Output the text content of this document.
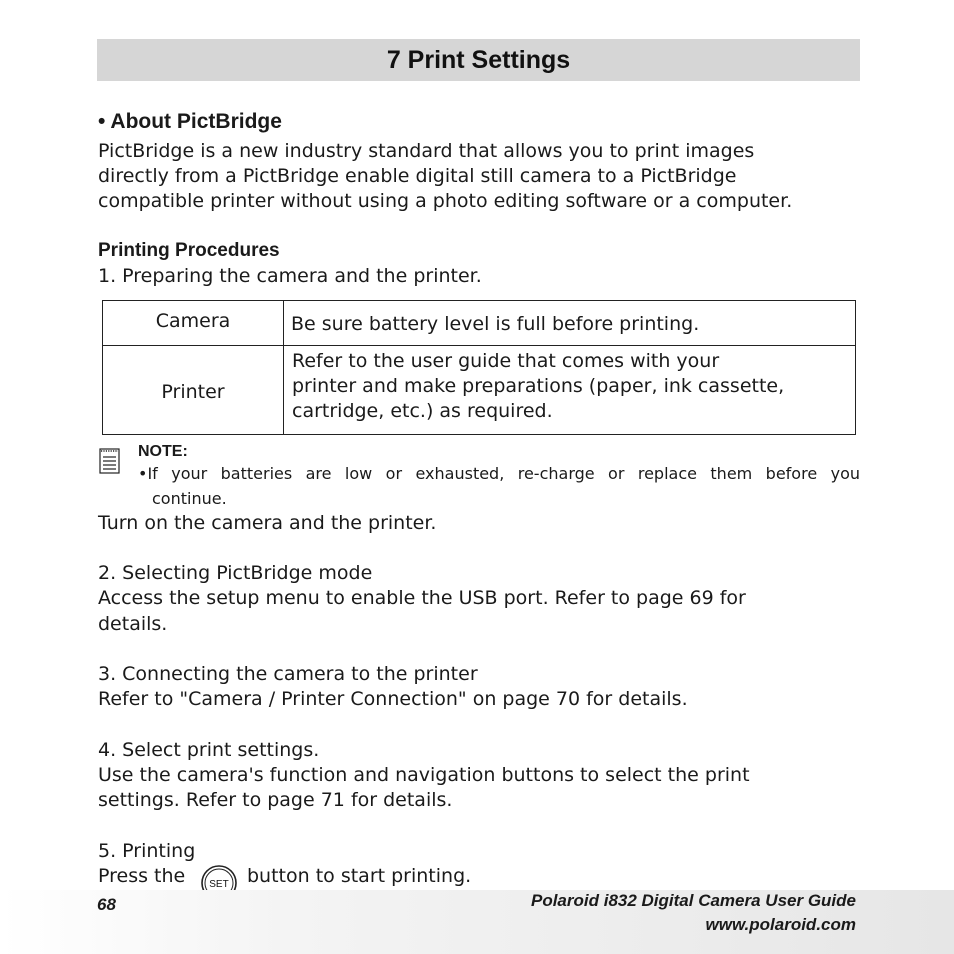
7 Print Settings
• About PictBridge
PictBridge is a new industry standard that allows you to print images
directly from a PictBridge enable digital still camera to a PictBridge
compatible printer without using a photo editing software or a computer.
Printing Procedures
1. Preparing the camera and the printer.
Camera	Be sure battery level is full before printing.
Printer
Refer to the user guide that comes with your
printer and make preparations (paper, ink cassette,
cartridge, etc.) as required.
NOTE:
•If your batteries are low or exhausted, re-charge or replace them before you
continue.
Turn on the camera and the printer.
2. Selecting PictBridge mode
Access the setup menu to enable the USB port. Refer to page 69 for
details.
3. Connecting the camera to the printer
Refer to "Camera / Printer Connection" on page 70 for details.
4. Select print settings.
Use the camera's function and navigation buttons to select the print
settings. Refer to page 71 for details.
5. Printing
Press the SET button to start printing.
68	Polaroid i832 Digital Camera User Guide
www.polaroid.com
